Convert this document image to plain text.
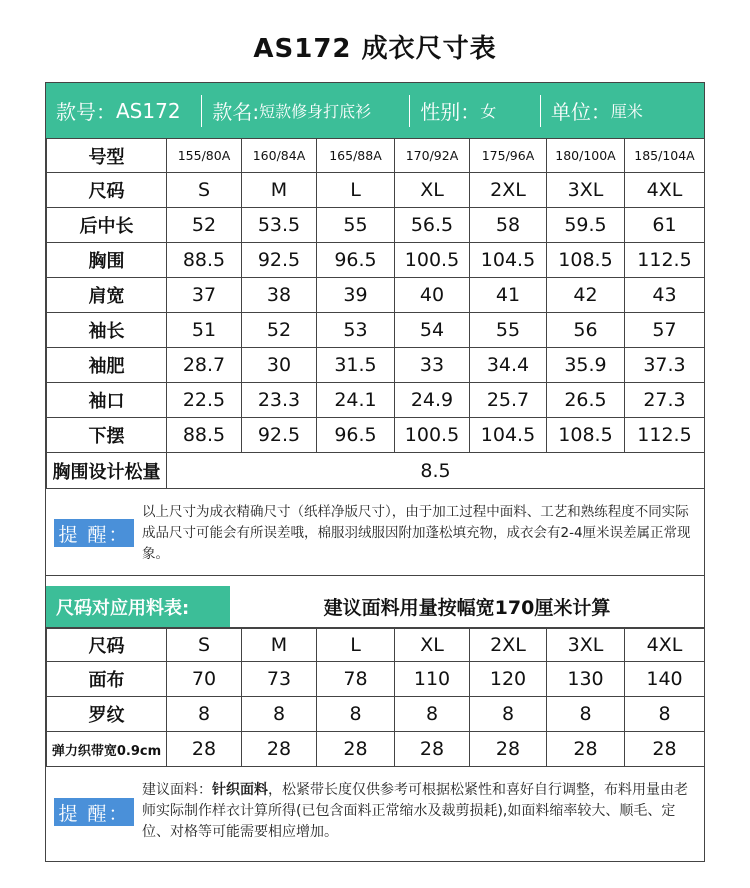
AS172 成衣尺寸表
款号： AS172 款名: 短款修身打底衫 性别： 女	单位： 厘米
号型	155/80A	160/84A	165/88A	170/92A	175/96A	180/100A	185/104A
尺码	S	M	L	XL	2XL	3XL	4XL
后中长	52	53.5	55	56.5	58	59.5	61
胸围	88.5	92.5	96.5	100.5	104.5	108.5	112.5
肩宽	37	38	39	40	41	42	43
袖长	51	52	53	54	55	56	57
袖肥	28.7	30	31.5	33	34.4	35.9	37.3
袖口	22.5	23.3	24.1	24.9	25.7	26.5	27.3
下摆	88.5	92.5	96.5	100.5	104.5	108.5	112.5
胸围设计松量	8.5						
提 醒：
以上尺寸为成衣精确尺寸（纸样净版尺寸），由于加工过程中面料、工艺和熟练程度不同实际成品尺寸可能会有所误差哦，棉服羽绒服因附加蓬松填充物，成衣会有2-4厘米误差属正常现象。
尺码对应用料表:	建议面料用量按幅宽170厘米计算
尺码	S	M	L	XL	2XL	3XL	4XL
面布	70	73	78	110	120	130	140
罗纹	8	8	8	8	8	8	8
弹力织带宽0.9cm	28	28	28	28	28	28	28
提 醒：
建议面料：针织面料，松紧带长度仅供参考可根据松紧性和喜好自行调整，布料用量由老师实际制作样衣计算所得(已包含面料正常缩水及裁剪损耗),如面料缩率较大、顺毛、定位、对格等可能需要相应增加。
